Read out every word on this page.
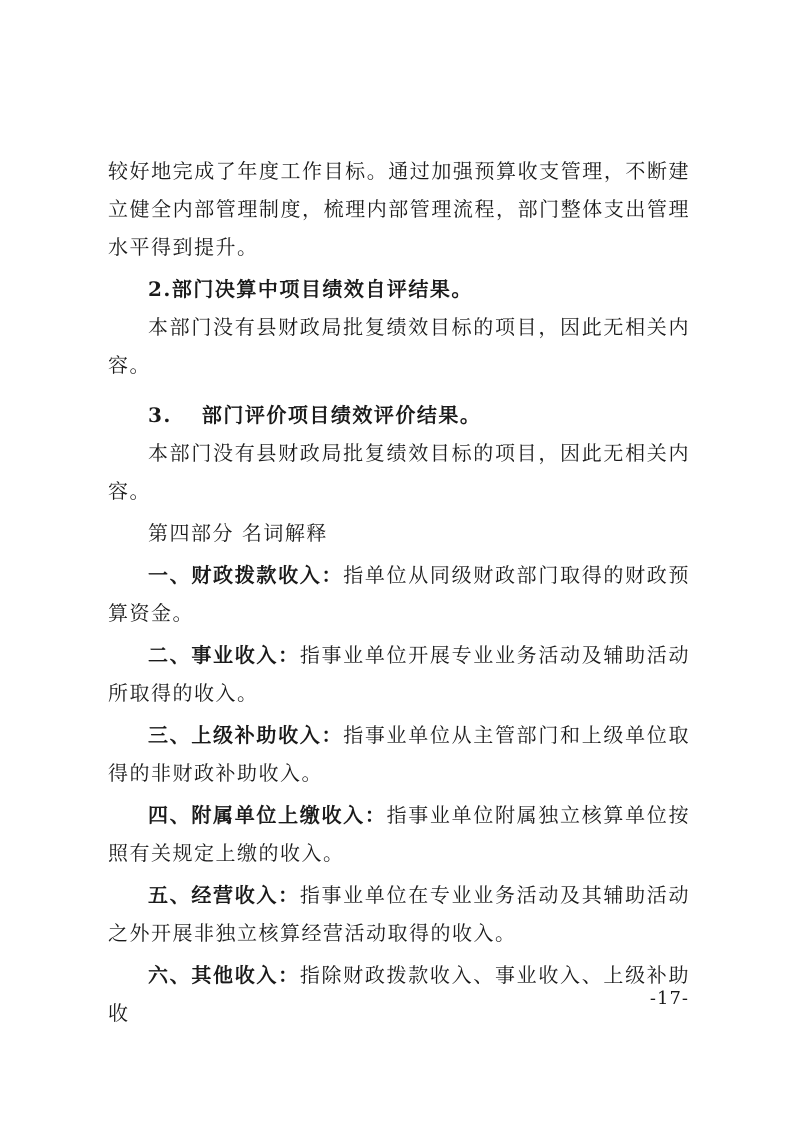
较好地完成了年度工作目标。通过加强预算收支管理，不断建立健全内部管理制度，梳理内部管理流程，部门整体支出管理水平得到提升。

2.部门决算中项目绩效自评结果。

本部门没有县财政局批复绩效目标的项目，因此无相关内容。

3. 部门评价项目绩效评价结果。

本部门没有县财政局批复绩效目标的项目，因此无相关内容。

第四部分 名词解释

一、财政拨款收入：指单位从同级财政部门取得的财政预算资金。

二、事业收入：指事业单位开展专业业务活动及辅助活动所取得的收入。

三、上级补助收入：指事业单位从主管部门和上级单位取得的非财政补助收入。

四、附属单位上缴收入：指事业单位附属独立核算单位按照有关规定上缴的收入。

五、经营收入：指事业单位在专业业务活动及其辅助活动之外开展非独立核算经营活动取得的收入。

六、其他收入：指除财政拨款收入、事业收入、上级补助收

-17-
